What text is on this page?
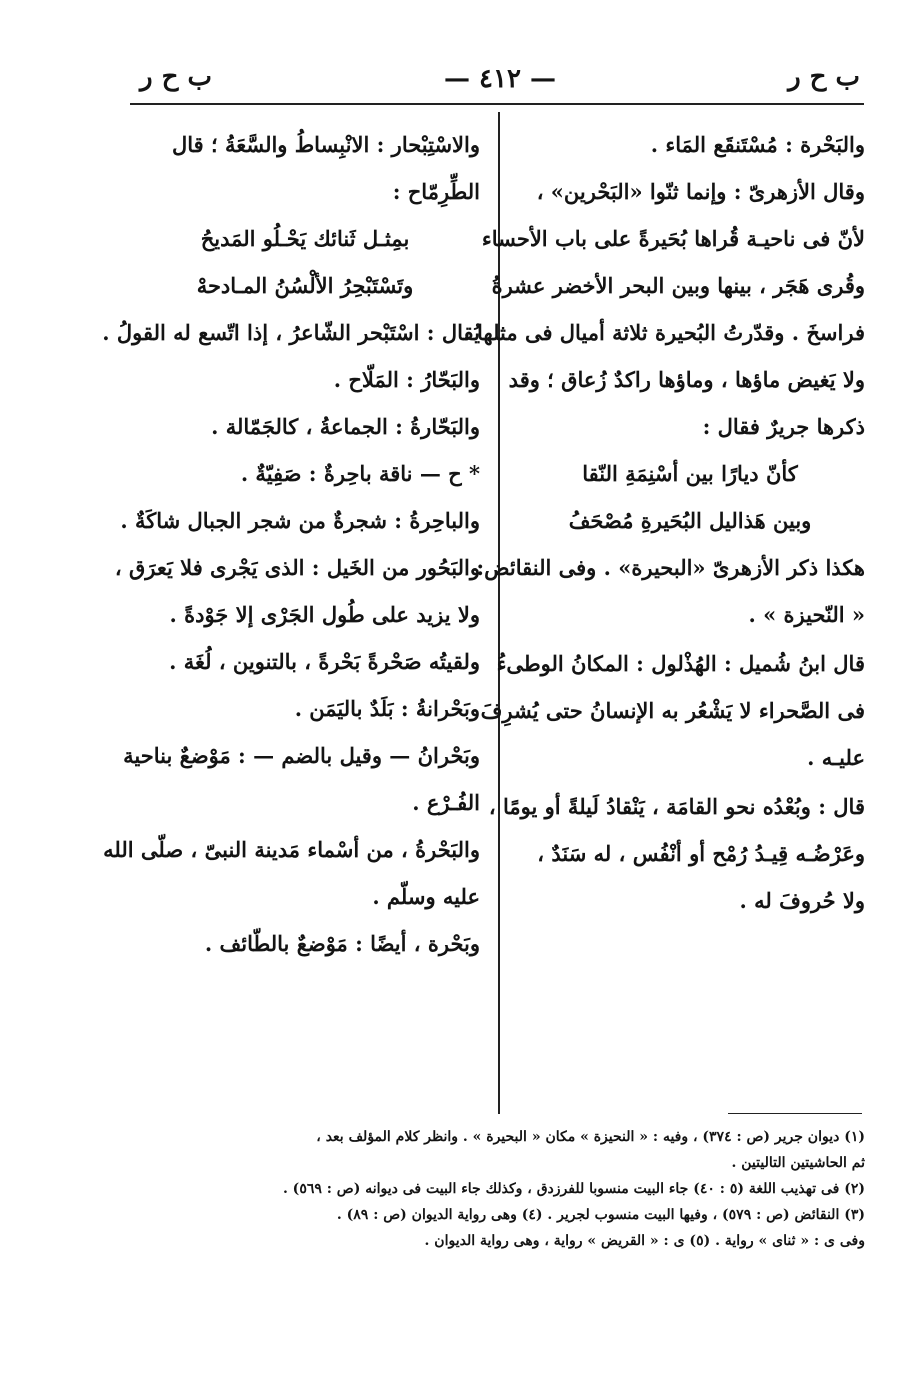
ب ح ر	— ٤١٢ —	ب ح ر
والبَحْرة : مُسْتَنقَع المَاء .
وقال الأزهرىّ : وإنما ثنّوا «البَحْرين» ،
لأنّ فى ناحيـة قُراها بُحَيرةً على باب الأحساء
وقُرى هَجَر ، بينها وبين البحر الأخضر عشرةُ
فراسخَ . وقدّرتُ البُحيرة ثلاثة أميال فى مثلها ،
ولا يَغيض ماؤها ، وماؤها راكدٌ زُعاق ؛ وقد
ذكرها جريرٌ فقال :
كأنّ ديارًا بين أسْنِمَةِ النّقا
وبين هَذاليل البُحَيرةِ مُصْحَفُ
هكذا ذكر الأزهرىّ «البحيرة» . وفى النقائض:
« النّحيزة » .
قال ابنُ شُميل : الهُذْلول : المكانُ الوطىءُ
فى الصَّحراء لا يَشْعُر به الإنسانُ حتى يُشرِفَ
عليـه .
قال : وبُعْدُه نحو القامَة ، يَنْقادُ لَيلةً أو يومًا ،
وعَرْضُـه قِيـدُ رُمْح أو أنْفُس ، له سَنَدٌ ،
ولا حُروفَ له .
والاسْتِبْحار : الانْبِساطُ والسَّعَةُ ؛ قال
الطِّرِمّاح :
بمِثـل ثَنائك يَحْـلُو المَديحُ
وتَسْتَبْحِرُ الألْسُنُ المـادحهْ
يُقال : اسْتَبْحر الشّاعرُ ، إذا اتّسع له القولُ .
والبَحّارُ : المَلّاح .
والبَحّارةُ : الجماعةُ ، كالجَمّالة .
* ح — ناقة باحِرةٌ : صَفِيّةٌ .
والباحِرةُ : شجرةٌ من شجر الجبال شاكَةٌ .
والبَحُور من الخَيل : الذى يَجْرى فلا يَعرَق ،
ولا يزيد على طُول الجَرْى إلا جَوْدةً .
ولقيتُه صَحْرةً بَحْرةً ، بالتنوين ، لُغَة .
وبَحْرانةُ : بَلَدٌ باليَمَن .
وبَحْرانُ — وقيل بالضم — : مَوْضعٌ بناحية
الفُـرْع .
والبَحْرةُ ، من أسْماء مَدينة النبىّ ، صلّى الله
عليه وسلّم .
وبَحْرة ، أيضًا : مَوْضعٌ بالطّائف .
(١) ديوان جرير (ص : ٣٧٤) ، وفيه : « النحيزة » مكان « البحيرة » . وانظر كلام المؤلف بعد ،
ثم الحاشيتين التاليتين .
(٢) فى تهذيب اللغة (٥ : ٤٠) جاء البيت منسوبا للفرزدق ، وكذلك جاء البيت فى ديوانه (ص : ٥٦٩) .
(٣) النقائض (ص : ٥٧٩) ، وفيها البيت منسوب لجرير . (٤) وهى رواية الديوان (ص : ٨٩) .
وفى ى : « ثناى » رواية . (٥) ى : « القريض » رواية ، وهى رواية الديوان .
